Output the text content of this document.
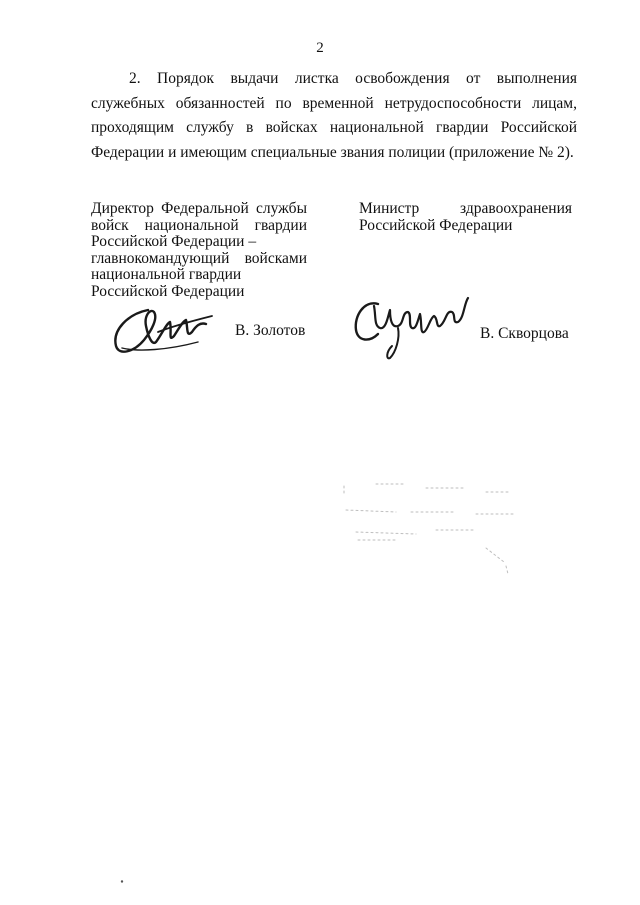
2

2. Порядок выдачи листка освобождения от выполнения служебных обязанностей по временной нетрудоспособности лицам, проходящим службу в войсках национальной гвардии Российской Федерации и имеющим специальные звания полиции (приложение № 2).

Директор Федеральной службы
войск национальной гвардии
Российской Федерации –
главнокомандующий войсками
национальной гвардии
Российской Федерации
Министр здравоохранения
Российской Федерации
В. Золотов	В. Скворцова
